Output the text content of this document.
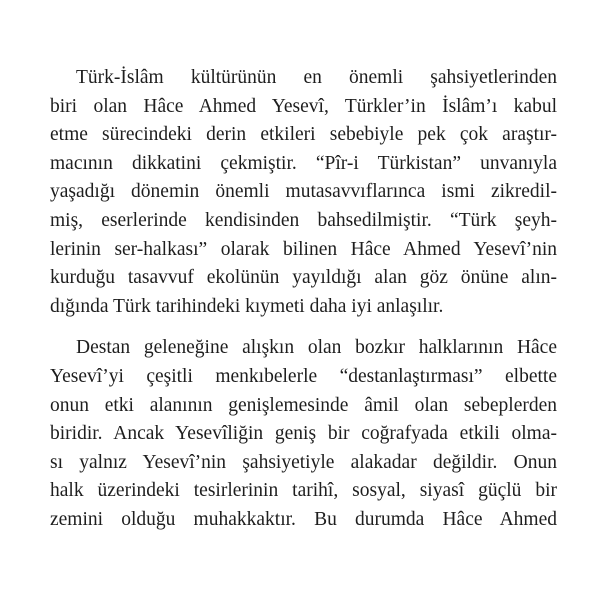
Türk-İslâm kültürünün en önemli şahsiyetlerinden
biri olan Hâce Ahmed Yesevî, Türkler’in İslâm’ı kabul
etme sürecindeki derin etkileri sebebiyle pek çok araştır-
macının dikkatini çekmiştir. “Pîr-i Türkistan” unvanıyla
yaşadığı dönemin önemli mutasavvıflarınca ismi zikredil-
miş, eserlerinde kendisinden bahsedilmiştir. “Türk şeyh-
lerinin ser-halkası” olarak bilinen Hâce Ahmed Yesevî’nin
kurduğu tasavvuf ekolünün yayıldığı alan göz önüne alın-
dığında Türk tarihindeki kıymeti daha iyi anlaşılır.

Destan geleneğine alışkın olan bozkır halklarının Hâce
Yesevî’yi çeşitli menkıbelerle “destanlaştırması” elbette
onun etki alanının genişlemesinde âmil olan sebeplerden
biridir. Ancak Yesevîliğin geniş bir coğrafyada etkili olma-
sı yalnız Yesevî’nin şahsiyetiyle alakadar değildir. Onun
halk üzerindeki tesirlerinin tarihî, sosyal, siyasî güçlü bir
zemini olduğu muhakkaktır. Bu durumda Hâce Ahmed
